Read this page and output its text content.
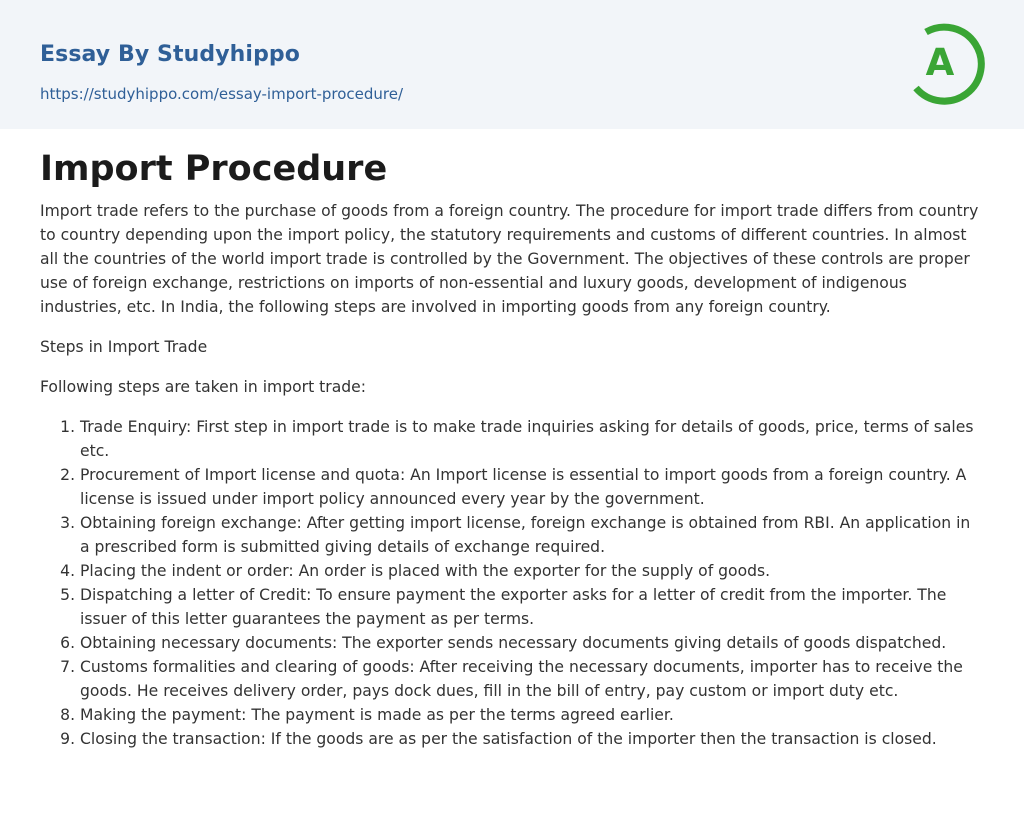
Essay By Studyhippo
https://studyhippo.com/essay-import-procedure/
A
Import Procedure

Import trade refers to the purchase of goods from a foreign country. The procedure for import trade differs from country to country depending upon the import policy, the statutory requirements and customs of different countries. In almost all the countries of the world import trade is controlled by the Government. The objectives of these controls are proper use of foreign exchange, restrictions on imports of non-essential and luxury goods, development of indigenous industries, etc. In India, the following steps are involved in importing goods from any foreign country.

Steps in Import Trade

Following steps are taken in import trade:

1. Trade Enquiry: First step in import trade is to make trade inquiries asking for details of goods, price, terms of sales etc.
2. Procurement of Import license and quota: An Import license is essential to import goods from a foreign country. A license is issued under import policy announced every year by the government.
3. Obtaining foreign exchange: After getting import license, foreign exchange is obtained from RBI. An application in a prescribed form is submitted giving details of exchange required.
4. Placing the indent or order: An order is placed with the exporter for the supply of goods.
5. Dispatching a letter of Credit: To ensure payment the exporter asks for a letter of credit from the importer. The issuer of this letter guarantees the payment as per terms.
6. Obtaining necessary documents: The exporter sends necessary documents giving details of goods dispatched.
7. Customs formalities and clearing of goods: After receiving the necessary documents, importer has to receive the goods. He receives delivery order, pays dock dues, fill in the bill of entry, pay custom or import duty etc.
8. Making the payment: The payment is made as per the terms agreed earlier.
9. Closing the transaction: If the goods are as per the satisfaction of the importer then the transaction is closed.
